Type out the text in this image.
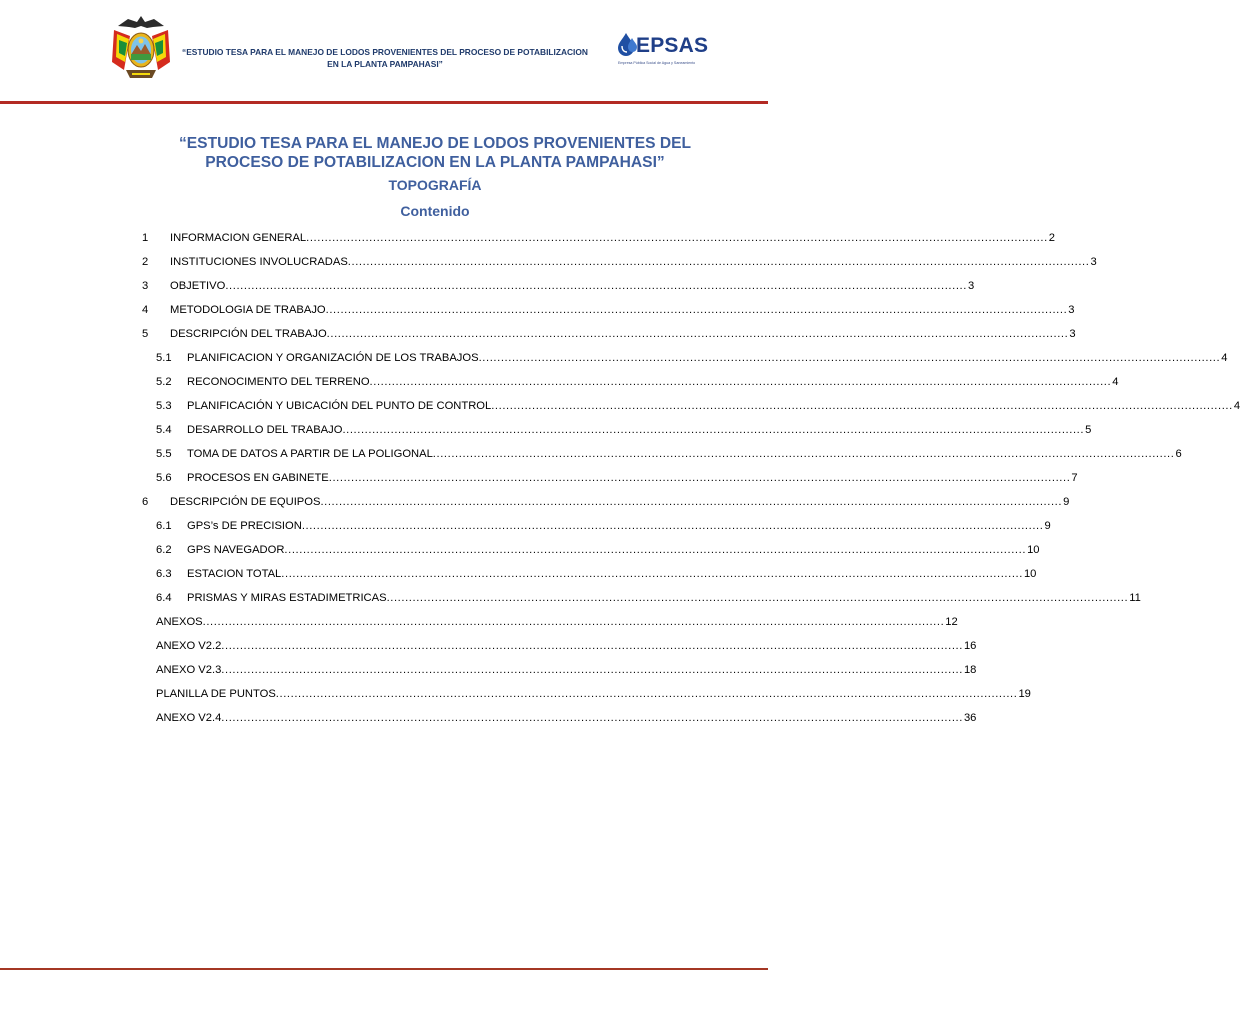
“ESTUDIO TESA PARA EL MANEJO DE LODOS PROVENIENTES DEL PROCESO DE POTABILIZACION
EN LA PLANTA PAMPAHASI”
EPSAS
Empresa Pública Social de Agua y Saneamiento
“ESTUDIO TESA PARA EL MANEJO DE LODOS PROVENIENTES DEL
PROCESO DE POTABILIZACION EN LA PLANTA PAMPAHASI”
TOPOGRAFÍA
Contenido
1	INFORMACION GENERAL ........................................................................................................................................................................................................ 2
2	INSTITUCIONES INVOLUCRADAS ........................................................................................................................................................................................................ 3
3	OBJETIVO ........................................................................................................................................................................................................ 3
4	METODOLOGIA DE TRABAJO ........................................................................................................................................................................................................ 3
5	DESCRIPCIÓN DEL TRABAJO ........................................................................................................................................................................................................ 3
5.1	PLANIFICACION Y ORGANIZACIÓN DE LOS TRABAJOS ........................................................................................................................................................................................................ 4
5.2	RECONOCIMENTO DEL TERRENO ........................................................................................................................................................................................................ 4
5.3	PLANIFICACIÓN Y UBICACIÓN DEL PUNTO DE CONTROL ........................................................................................................................................................................................................ 4
5.4	DESARROLLO DEL TRABAJO ........................................................................................................................................................................................................ 5
5.5	TOMA DE DATOS A PARTIR DE LA POLIGONAL ........................................................................................................................................................................................................ 6
5.6	PROCESOS EN GABINETE ........................................................................................................................................................................................................ 7
6	DESCRIPCIÓN DE EQUIPOS ........................................................................................................................................................................................................ 9
6.1	GPS’s DE PRECISION ........................................................................................................................................................................................................ 9
6.2	GPS NAVEGADOR ........................................................................................................................................................................................................ 10
6.3	ESTACION TOTAL ........................................................................................................................................................................................................ 10
6.4	PRISMAS Y MIRAS ESTADIMETRICAS ........................................................................................................................................................................................................ 11
ANEXOS ........................................................................................................................................................................................................ 12
ANEXO V2.2 ........................................................................................................................................................................................................ 16
ANEXO V2.3 ........................................................................................................................................................................................................ 18
PLANILLA DE PUNTOS ........................................................................................................................................................................................................ 19
ANEXO V2.4 ........................................................................................................................................................................................................ 36
